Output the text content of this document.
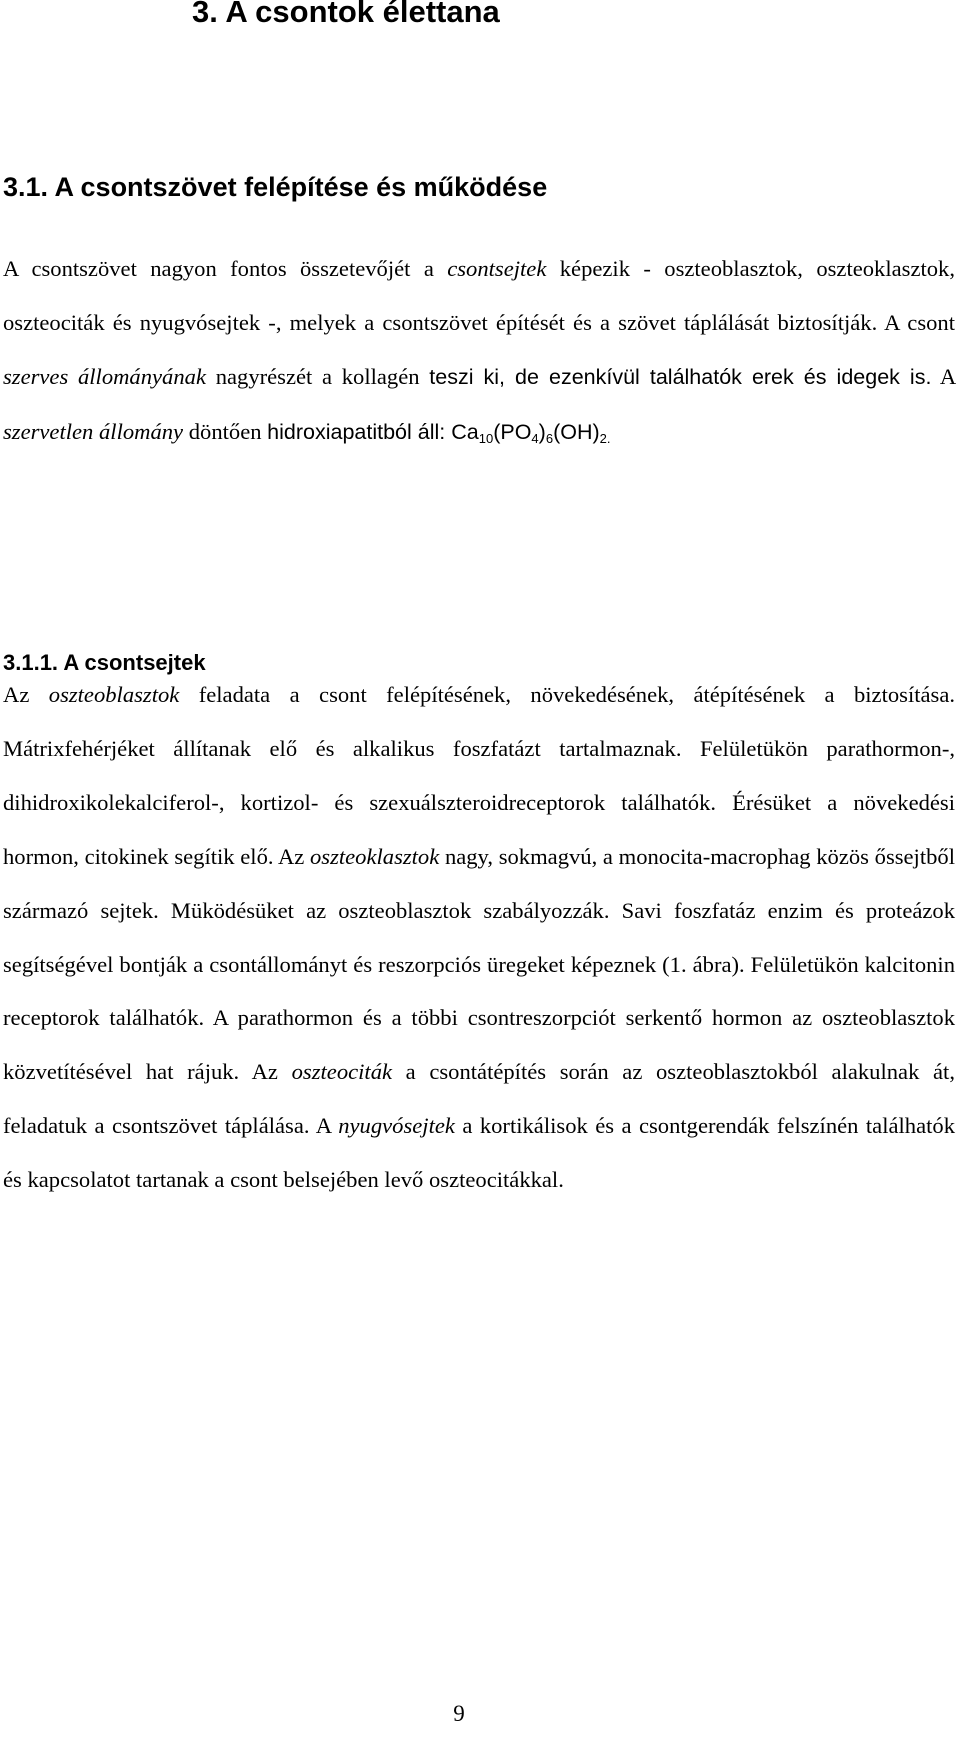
3. A csontok élettana
3.1. A csontszövet felépítése és működése

A csontszövet nagyon fontos összetevőjét a csontsejtek képezik - oszteoblasztok, oszteoklasztok, oszteociták és nyugvósejtek -, melyek a csontszövet építését és a szövet táplálását biztosítják. A csont szerves állományának nagyrészét a kollagén teszi ki, de ezenkívül találhatók erek és idegek is. A szervetlen állomány döntően hidroxiapatitból áll: $Ca_{10}(PO_4)_6(OH)_{2.}$

3.1.1. A csontsejtek

Az oszteoblasztok feladata a csont felépítésének, növekedésének, átépítésének a biztosítása. Mátrixfehérjéket állítanak elő és alkalikus foszfatázt tartalmaznak. Felületükön parathormon-, dihidroxikolekalciferol-, kortizol- és szexuálszteroidreceptorok találhatók. Érésüket a növekedési hormon, citokinek segítik elő. Az oszteoklasztok nagy, sokmagvú, a monocita-macrophag közös őssejtből származó sejtek. Müködésüket az oszteoblasztok szabályozzák. Savi foszfatáz enzim és proteázok segítségével bontják a csontállományt és reszorpciós üregeket képeznek (1. ábra). Felületükön kalcitonin receptorok találhatók. A parathormon és a többi csontreszorpciót serkentő hormon az oszteoblasztok közvetítésével hat rájuk. Az oszteociták a csontátépítés során az oszteoblasztokból alakulnak át, feladatuk a csontszövet táplálása. A nyugvósejtek a kortikálisok és a csontgerendák felszínén találhatók és kapcsolatot tartanak a csont belsejében levő oszteocitákkal.

9
